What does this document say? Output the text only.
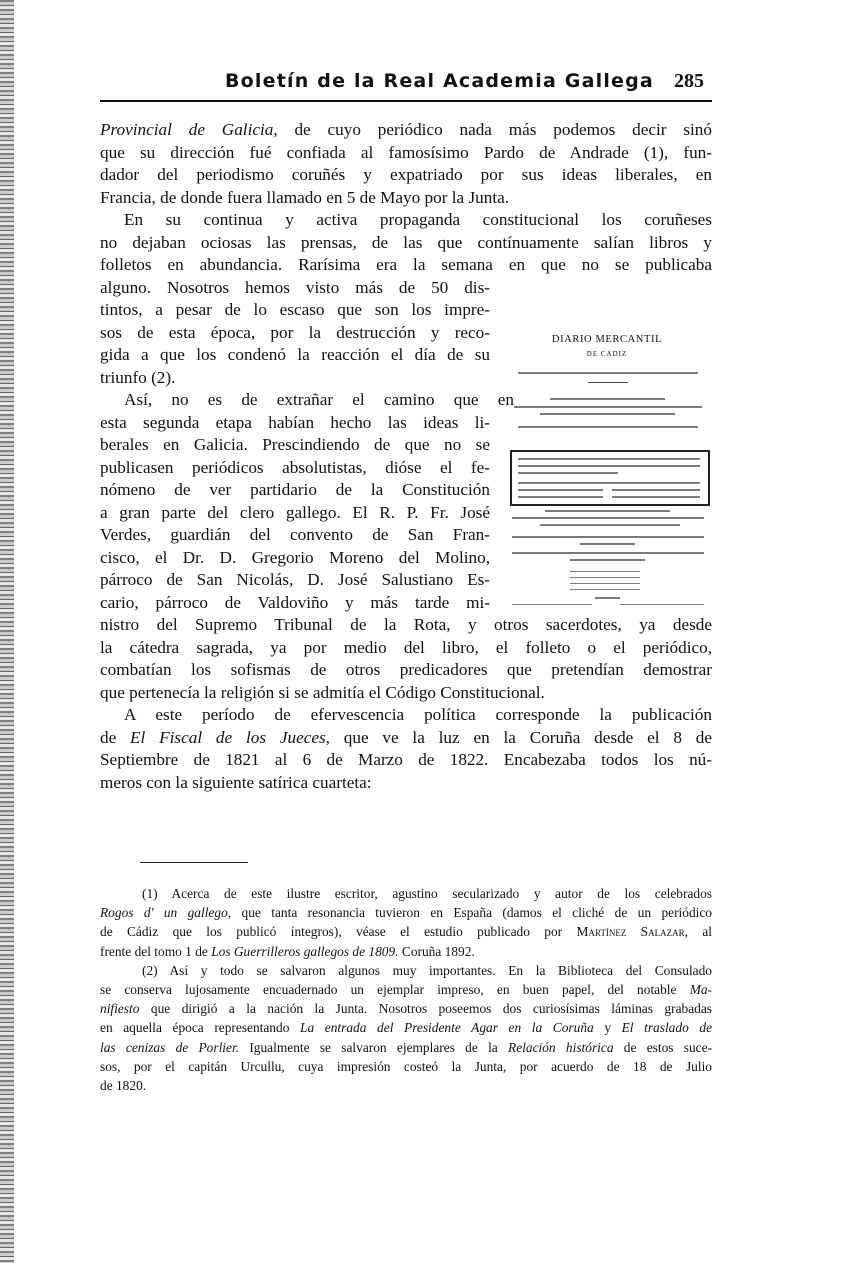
Boletín de la Real Academia Gallega 285
Provincial de Galicia, de cuyo periódico nada más podemos decir sinó
que su dirección fué confiada al famosísimo Pardo de Andrade (1), fun-
dador del periodismo coruñés y expatriado por sus ideas liberales, en
Francia, de donde fuera llamado en 5 de Mayo por la Junta.
En su continua y activa propaganda constitucional los coruñeses
no dejaban ociosas las prensas, de las que contínuamente salían libros y
folletos en abundancia. Rarísima era la semana en que no se publicaba
alguno. Nosotros hemos visto más de 50 dis-
tintos, a pesar de lo escaso que son los impre-
sos de esta época, por la destrucción y reco-
gida a que los condenó la reacción el día de su
triunfo (2).
Así, no es de extrañar el camino que en
esta segunda etapa habían hecho las ideas li-
berales en Galicia. Prescindiendo de que no se
publicasen periódicos absolutistas, dióse el fe-
nómeno de ver partidario de la Constitución
a gran parte del clero gallego. El R. P. Fr. José
Verdes, guardián del convento de San Fran-
cisco, el Dr. D. Gregorio Moreno del Molino,
párroco de San Nicolás, D. José Salustiano Es-
cario, párroco de Valdoviño y más tarde mi-
nistro del Supremo Tribunal de la Rota, y otros sacerdotes, ya desde
la cátedra sagrada, ya por medio del libro, el folleto o el periódico,
combatían los sofismas de otros predicadores que pretendían demostrar
que pertenecía la religión si se admitía el Código Constitucional.
A este período de efervescencia política corresponde la publicación
de El Fiscal de los Jueces, que ve la luz en la Coruña desde el 8 de
Septiembre de 1821 al 6 de Marzo de 1822. Encabezaba todos los nú-
meros con la siguiente satírica cuarteta:
DIARIO MERCANTIL
DE CADIZ
(1) Acerca de este ilustre escritor, agustino secularizado y autor de los celebrados
Rogos d' un gallego, que tanta resonancia tuvieron en España (damos el cliché de un periódico
de Cádiz que los publicó íntegros), véase el estudio publicado por Martínez Salazar, al
frente del tomo 1 de Los Guerrilleros gallegos de 1809. Coruña 1892.
(2) Así y todo se salvaron algunos muy importantes. En la Biblioteca del Consulado
se conserva lujosamente encuadernado un ejemplar impreso, en buen papel, del notable Ma-
nifiesto que dirigió a la nación la Junta. Nosotros poseemos dos curiosísimas láminas grabadas
en aquella época representando La entrada del Presidente Agar en la Coruña y El traslado de
las cenizas de Porlier. Igualmente se salvaron ejemplares de la Relación histórica de estos suce-
sos, por el capitán Urcullu, cuya impresión costeó la Junta, por acuerdo de 18 de Julio
de 1820.
